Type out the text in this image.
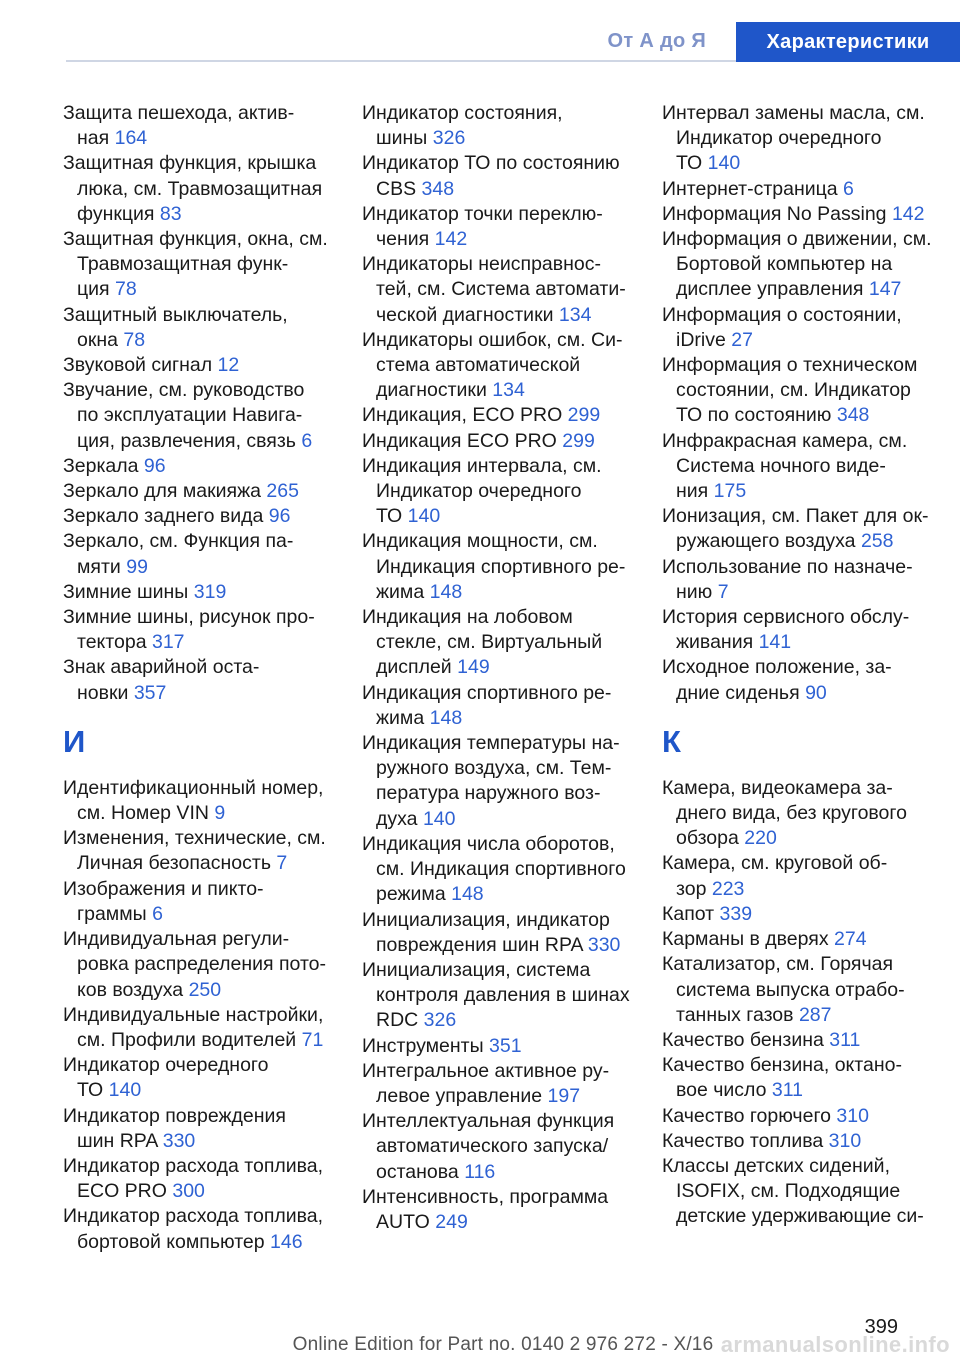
От А до Я	Характеристики
Защита пешехода, актив-
ная 164
Защитная функция, крышка
люка, см. Травмозащитная
функция 83
Защитная функция, окна, см.
Травмозащитная функ-
ция 78
Защитный выключатель,
окна 78
Звуковой сигнал 12
Звучание, см. руководство
по эксплуатации Навига-
ция, развлечения, связь 6
Зеркала 96
Зеркало для макияжа 265
Зеркало заднего вида 96
Зеркало, см. Функция па-
мяти 99
Зимние шины 319
Зимние шины, рисунок про-
тектора 317
Знак аварийной оста-
новки 357
И
Идентификационный номер,
см. Номер VIN 9
Изменения, технические, см.
Личная безопасность 7
Изображения и пикто-
граммы 6
Индивидуальная регули-
ровка распределения пото-
ков воздуха 250
Индивидуальные настройки,
см. Профили водителей 71
Индикатор очередного
ТО 140
Индикатор повреждения
шин RPA 330
Индикатор расхода топлива,
ECO PRO 300
Индикатор расхода топлива,
бортовой компьютер 146
Индикатор состояния,
шины 326
Индикатор ТО по состоянию
CBS 348
Индикатор точки переклю-
чения 142
Индикаторы неисправнос-
тей, см. Система автомати-
ческой диагностики 134
Индикаторы ошибок, см. Си-
стема автоматической
диагностики 134
Индикация, ECO PRO 299
Индикация ECO PRO 299
Индикация интервала, см.
Индикатор очередного
ТО 140
Индикация мощности, см.
Индикация спортивного ре-
жима 148
Индикация на лобовом
стекле, см. Виртуальный
дисплей 149
Индикация спортивного ре-
жима 148
Индикация температуры на-
ружного воздуха, см. Тем-
пература наружного воз-
духа 140
Индикация числа оборотов,
см. Индикация спортивного
режима 148
Инициализация, индикатор
повреждения шин RPA 330
Инициализация, система
контроля давления в шинах
RDC 326
Инструменты 351
Интегральное активное ру-
левое управление 197
Интеллектуальная функция
автоматического запуска/
останова 116
Интенсивность, программа
AUTO 249
Интервал замены масла, см.
Индикатор очередного
ТО 140
Интернет-страница 6
Информация No Passing 142
Информация о движении, см.
Бортовой компьютер на
дисплее управления 147
Информация о состоянии,
iDrive 27
Информация о техническом
состоянии, см. Индикатор
ТО по состоянию 348
Инфракрасная камера, см.
Система ночного виде-
ния 175
Ионизация, см. Пакет для ок-
ружающего воздуха 258
Использование по назначе-
нию 7
История сервисного обслу-
живания 141
Исходное положение, за-
дние сиденья 90
К
Камера, видеокамера за-
днего вида, без кругового
обзора 220
Камера, см. круговой об-
зор 223
Капот 339
Карманы в дверях 274
Катализатор, см. Горячая
система выпуска отрабо-
танных газов 287
Качество бензина 311
Качество бензина, октано-
вое число 311
Качество горючего 310
Качество топлива 310
Классы детских сидений,
ISOFIX, см. Подходящие
детские удерживающие си-
399
Online Edition for Part no. 0140 2 976 272 - X/16 armanualsonline.info
